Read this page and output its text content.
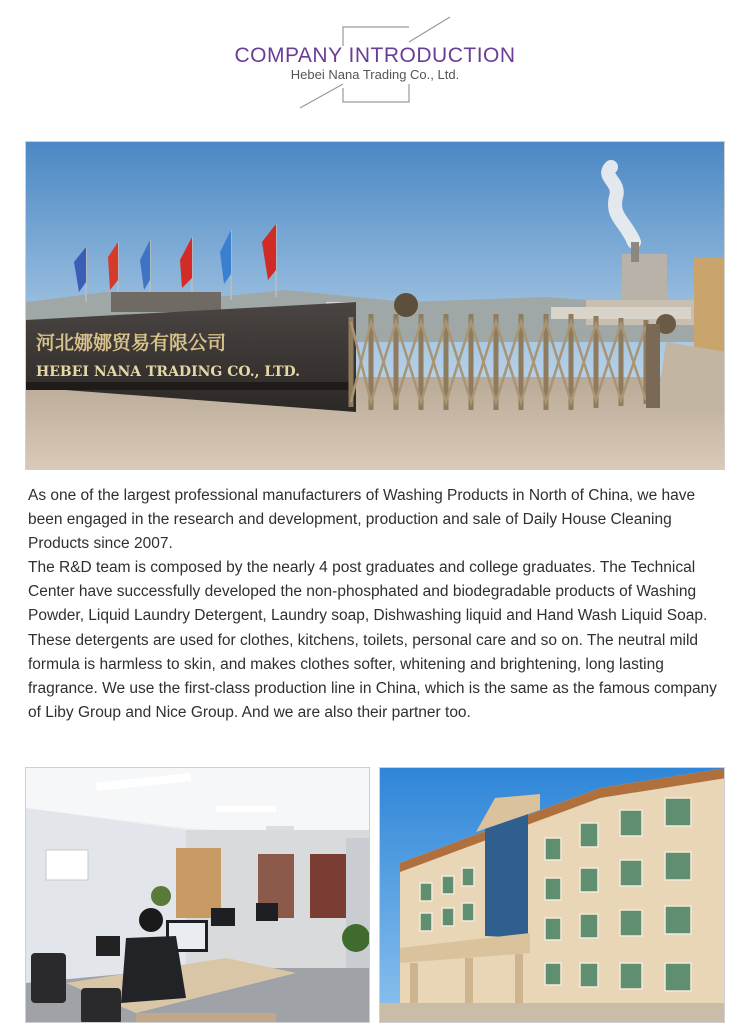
COMPANY INTRODUCTION
Hebei Nana Trading Co., Ltd.
河北娜娜贸易有限公司
HEBEI NANA TRADING CO., LTD.

As one of the largest professional manufacturers of Washing Products in North of China, we have been engaged in the research and development, production and sale of Daily House Cleaning Products since 2007.

The R&D team is composed by the nearly 4 post graduates and college graduates. The Technical Center have successfully developed the non-phosphated and biodegradable products of Washing Powder, Liquid Laundry Detergent, Laundry soap, Dishwashing liquid and Hand Wash Liquid Soap. These detergents are used for clothes, kitchens, toilets, personal care and so on. The neutral mild formula is harmless to skin, and makes clothes softer, whitening and brightening, long lasting fragrance. We use the first-class production line in China, which is the same as the famous company of Liby Group and Nice Group. And we are also their partner too.
